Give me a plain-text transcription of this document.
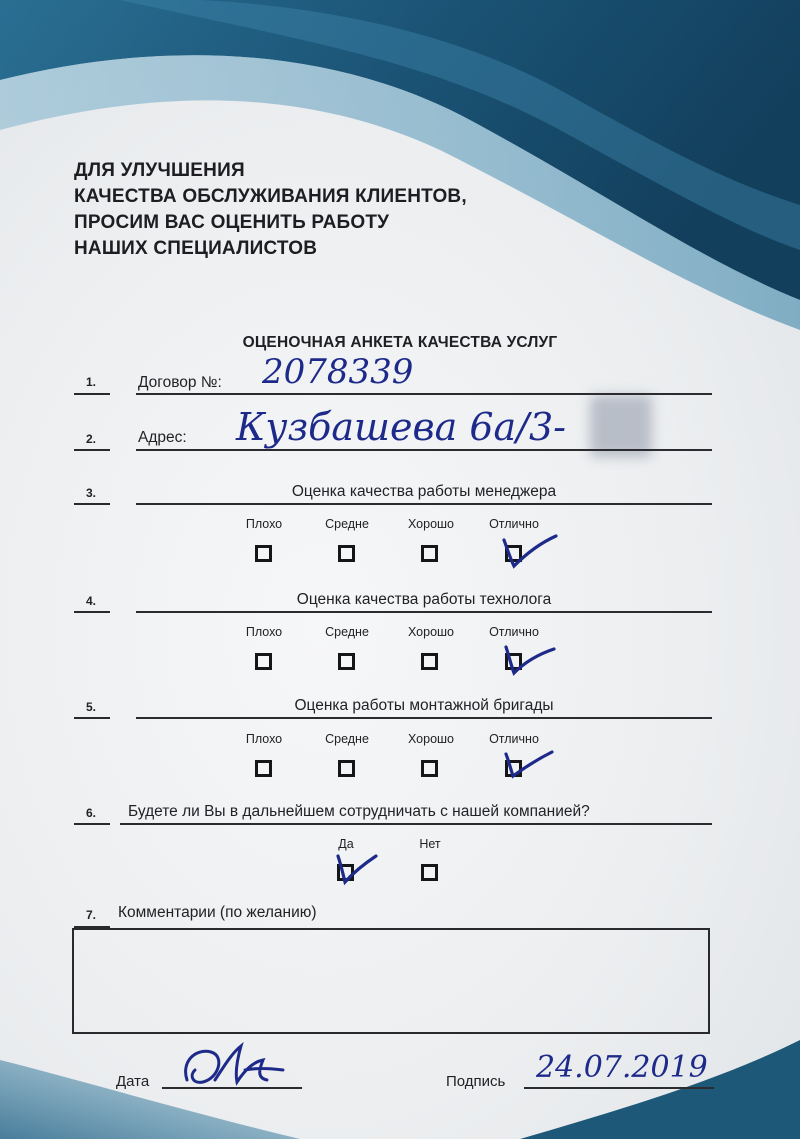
ДЛЯ УЛУЧШЕНИЯ
КАЧЕСТВА ОБСЛУЖИВАНИЯ КЛИЕНТОВ,
ПРОСИМ ВАС ОЦЕНИТЬ РАБОТУ
НАШИХ СПЕЦИАЛИСТОВ
ОЦЕНОЧНАЯ АНКЕТА КАЧЕСТВА УСЛУГ
1.	Договор №: 2078339
2.	Адрес: Кузбашева 6а/3-
3.	Оценка качества работы менеджера
Плохо	Средне	Хорошо	Отлично
4.	Оценка качества работы технолога
Плохо	Средне	Хорошо	Отлично
5.	Оценка работы монтажной бригады
Плохо	Средне	Хорошо	Отлично
6.	Будете ли Вы в дальнейшем сотрудничать с нашей компанией?
Да	Нет
7.	Комментарии (по желанию)
Дата	Подпись 24.07.2019
